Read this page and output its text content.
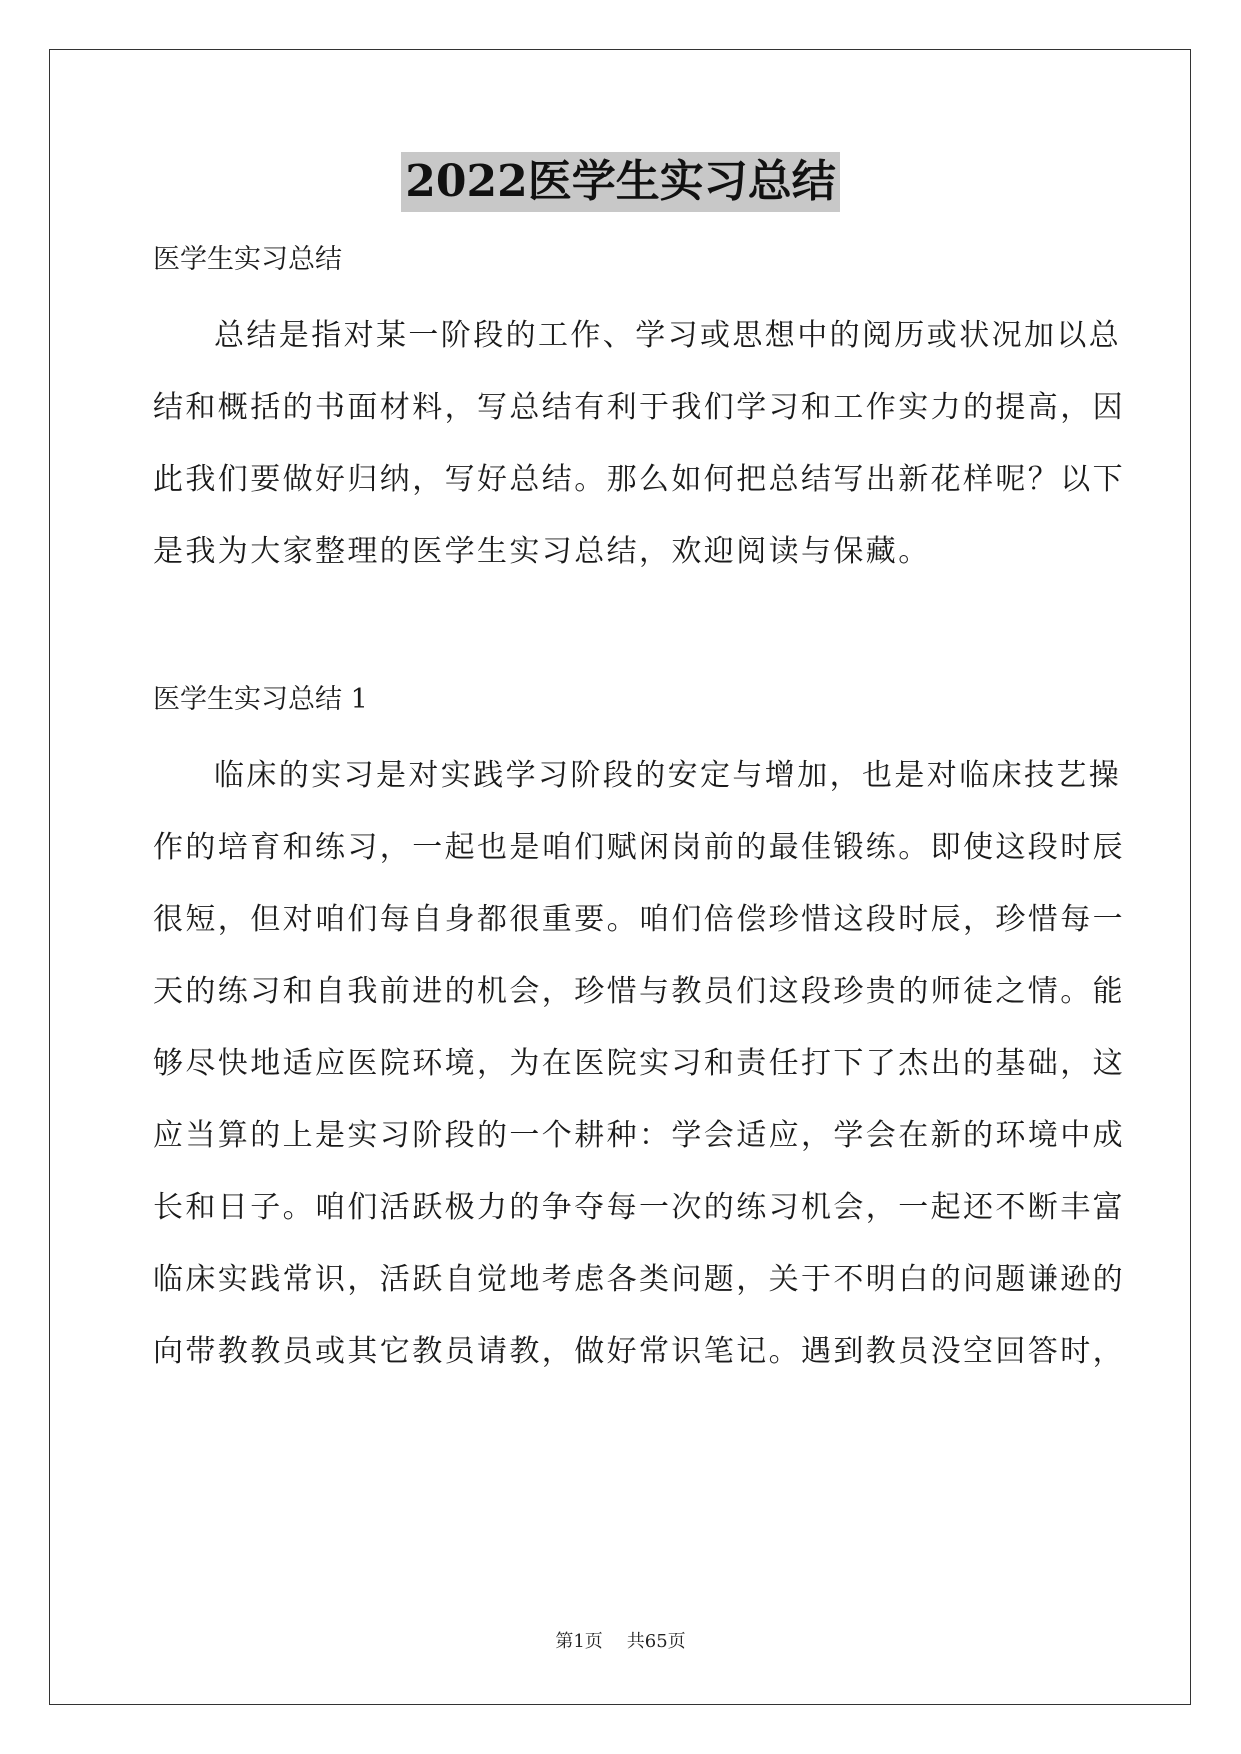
2022医学生实习总结

医学生实习总结

总结是指对某一阶段的工作、学习或思想中的阅历或状况加以总

结和概括的书面材料，写总结有利于我们学习和工作实力的提高，因

此我们要做好归纳，写好总结。那么如何把总结写出新花样呢？以下

是我为大家整理的医学生实习总结，欢迎阅读与保藏。

医学生实习总结 1

临床的实习是对实践学习阶段的安定与增加，也是对临床技艺操

作的培育和练习，一起也是咱们赋闲岗前的最佳锻练。即使这段时辰

很短，但对咱们每自身都很重要。咱们倍偿珍惜这段时辰，珍惜每一

天的练习和自我前进的机会，珍惜与教员们这段珍贵的师徒之情。能

够尽快地适应医院环境，为在医院实习和责任打下了杰出的基础，这

应当算的上是实习阶段的一个耕种：学会适应，学会在新的环境中成

长和日子。咱们活跃极力的争夺每一次的练习机会，一起还不断丰富

临床实践常识，活跃自觉地考虑各类问题，关于不明白的问题谦逊的

向带教教员或其它教员请教，做好常识笔记。遇到教员没空回答时，

第1页 共65页
